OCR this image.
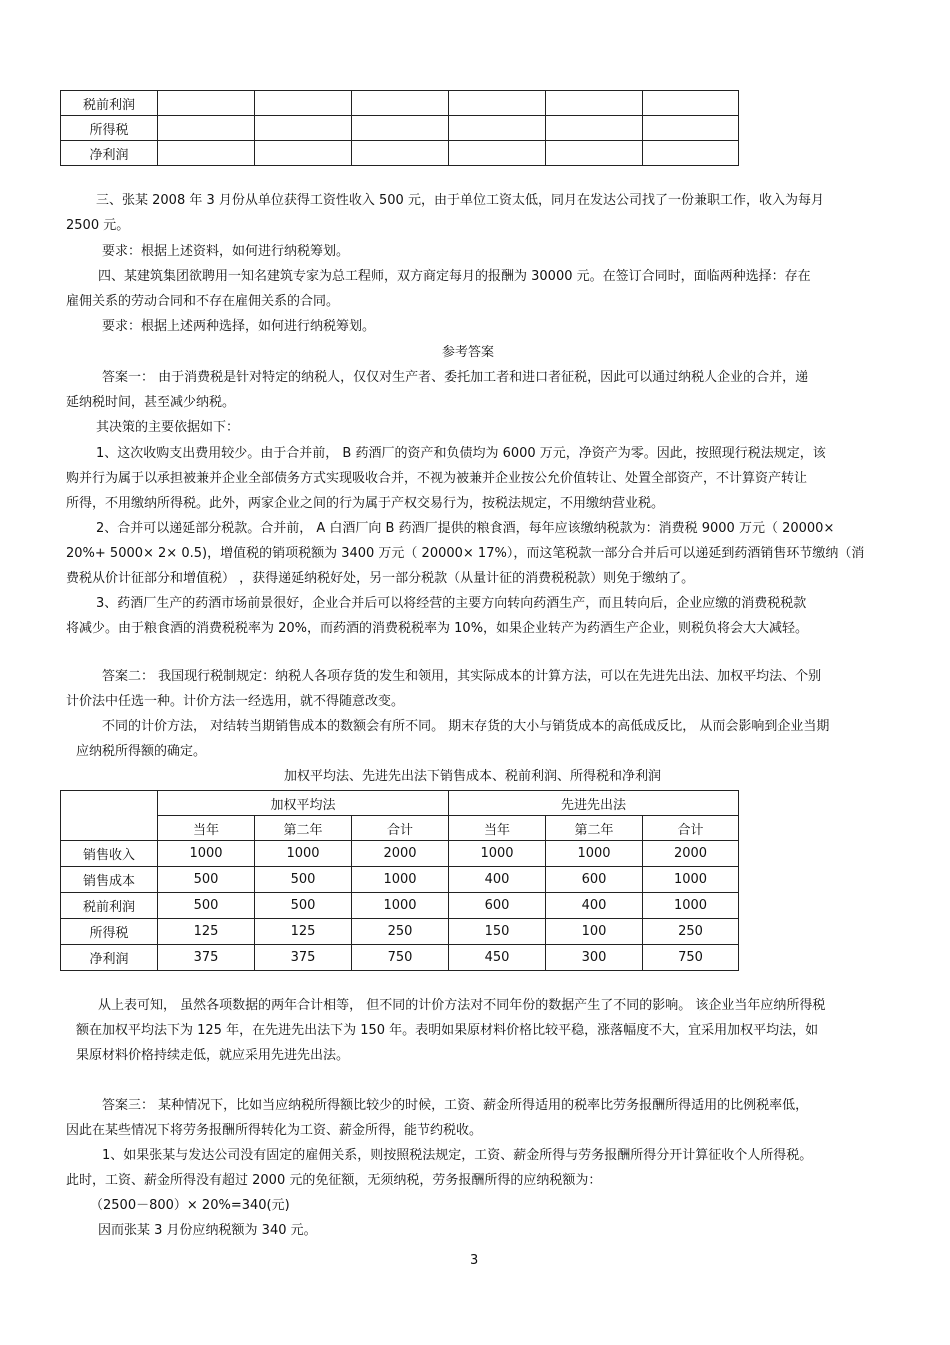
税前利润						
所得税						
净利润						
三、张某 2008 年 3 月份从单位获得工资性收入 500 元，由于单位工资太低，同月在发达公司找了一份兼职工作，收入为每月
2500 元。
要求：根据上述资料，如何进行纳税筹划。
四、某建筑集团欲聘用一知名建筑专家为总工程师，双方商定每月的报酬为 30000 元。在签订合同时，面临两种选择：存在
雇佣关系的劳动合同和不存在雇佣关系的合同。
要求：根据上述两种选择，如何进行纳税筹划。
参考答案
答案一： 由于消费税是针对特定的纳税人，仅仅对生产者、委托加工者和进口者征税，因此可以通过纳税人企业的合并，递
延纳税时间，甚至减少纳税。
其决策的主要依据如下：
1、这次收购支出费用较少。由于合并前， B 药酒厂的资产和负债均为 6000 万元，净资产为零。因此，按照现行税法规定，该
购并行为属于以承担被兼并企业全部债务方式实现吸收合并，不视为被兼并企业按公允价值转让、处置全部资产，不计算资产转让
所得，不用缴纳所得税。此外，两家企业之间的行为属于产权交易行为，按税法规定，不用缴纳营业税。
2、合并可以递延部分税款。合并前， A 白酒厂向 B 药酒厂提供的粮食酒，每年应该缴纳税款为：消费税 9000 万元（ 20000×
20%+ 5000× 2× 0.5)，增值税的销项税额为 3400 万元（ 20000× 17%），而这笔税款一部分合并后可以递延到药酒销售环节缴纳（消
费税从价计征部分和增值税） ，获得递延纳税好处，另一部分税款（从量计征的消费税税款）则免于缴纳了。
3、药酒厂生产的药酒市场前景很好，企业合并后可以将经营的主要方向转向药酒生产，而且转向后，企业应缴的消费税税款
将减少。由于粮食酒的消费税税率为 20%，而药酒的消费税税率为 10%，如果企业转产为药酒生产企业，则税负将会大大减轻。
答案二： 我国现行税制规定：纳税人各项存货的发生和领用，其实际成本的计算方法，可以在先进先出法、加权平均法、个别
计价法中任选一种。计价方法一经选用，就不得随意改变。
不同的计价方法， 对结转当期销售成本的数额会有所不同。 期末存货的大小与销货成本的高低成反比， 从而会影响到企业当期
应纳税所得额的确定。
加权平均法、先进先出法下销售成本、税前利润、所得税和净利润
	加权平均法			先进先出法		
	当年	第二年	合计	当年	第二年	合计
销售收入	1000	1000	2000	1000	1000	2000
销售成本	500	500	1000	400	600	1000
税前利润	500	500	1000	600	400	1000
所得税	125	125	250	150	100	250
净利润	375	375	750	450	300	750
从上表可知， 虽然各项数据的两年合计相等， 但不同的计价方法对不同年份的数据产生了不同的影响。 该企业当年应纳所得税
额在加权平均法下为 125 年，在先进先出法下为 150 年。表明如果原材料价格比较平稳，涨落幅度不大，宜采用加权平均法，如
果原材料价格持续走低，就应采用先进先出法。
答案三： 某种情况下，比如当应纳税所得额比较少的时候，工资、薪金所得适用的税率比劳务报酬所得适用的比例税率低，
因此在某些情况下将劳务报酬所得转化为工资、薪金所得，能节约税收。
1、如果张某与发达公司没有固定的雇佣关系，则按照税法规定，工资、薪金所得与劳务报酬所得分开计算征收个人所得税。
此时，工资、薪金所得没有超过 2000 元的免征额，无须纳税，劳务报酬所得的应纳税额为：
（2500－800）× 20%=340(元)
因而张某 3 月份应纳税额为 340 元。
3
